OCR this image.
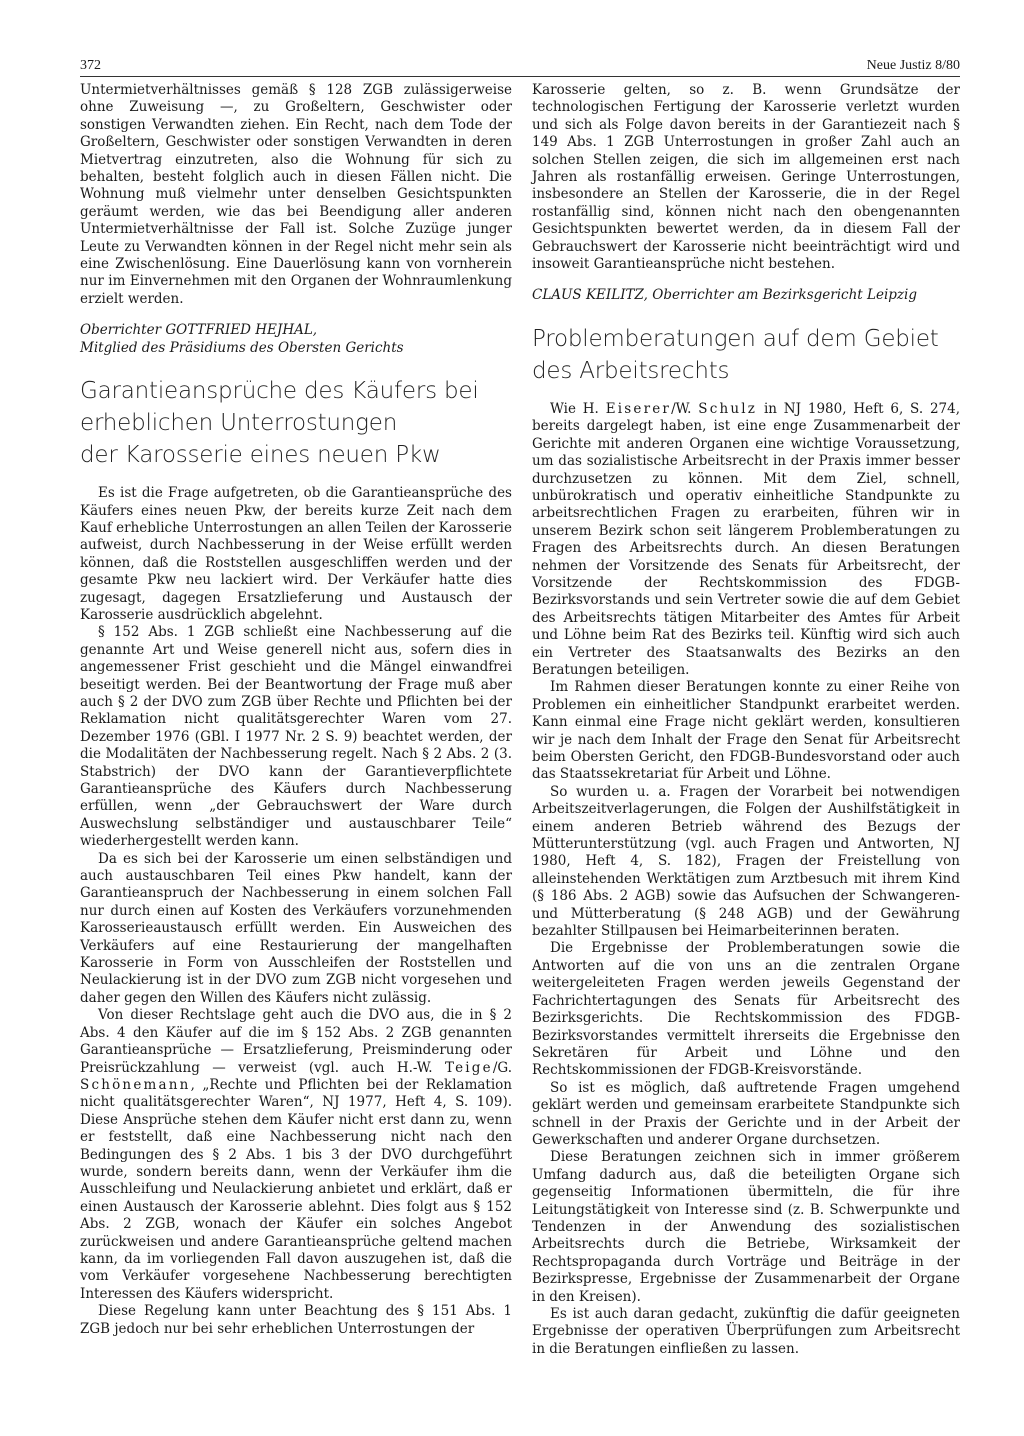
372	Neue Justiz 8/80

Untermietverhältnisses gemäß § 128 ZGB zulässigerweise ohne Zuweisung —, zu Großeltern, Geschwister oder sonstigen Verwandten ziehen. Ein Recht, nach dem Tode der Großeltern, Geschwister oder sonstigen Verwandten in deren Mietvertrag einzutreten, also die Wohnung für sich zu behalten, besteht folglich auch in diesen Fällen nicht. Die Wohnung muß vielmehr unter denselben Gesichtspunkten geräumt werden, wie das bei Beendigung aller anderen Untermietverhältnisse der Fall ist. Solche Zuzüge junger Leute zu Verwandten können in der Regel nicht mehr sein als eine Zwischenlösung. Eine Dauerlösung kann von vornherein nur im Einvernehmen mit den Organen der Wohnraumlenkung erzielt werden.

Oberrichter GOTTFRIED HEJHAL,
Mitglied des Präsidiums des Obersten Gerichts
Garantieansprüche des Käufers bei
erheblichen Unterrostungen
der Karosserie eines neuen Pkw

Es ist die Frage aufgetreten, ob die Garantieansprüche des Käufers eines neuen Pkw, der bereits kurze Zeit nach dem Kauf erhebliche Unterrostungen an allen Teilen der Karosserie aufweist, durch Nachbesserung in der Weise erfüllt werden können, daß die Roststellen ausgeschliffen werden und der gesamte Pkw neu lackiert wird. Der Verkäufer hatte dies zugesagt, dagegen Ersatzlieferung und Austausch der Karosserie ausdrücklich abgelehnt.

§ 152 Abs. 1 ZGB schließt eine Nachbesserung auf die genannte Art und Weise generell nicht aus, sofern dies in angemessener Frist geschieht und die Mängel einwandfrei beseitigt werden. Bei der Beantwortung der Frage muß aber auch § 2 der DVO zum ZGB über Rechte und Pflichten bei der Reklamation nicht qualitätsgerechter Waren vom 27. Dezember 1976 (GBl. I 1977 Nr. 2 S. 9) beachtet werden, der die Modalitäten der Nachbesserung regelt. Nach § 2 Abs. 2 (3. Stabstrich) der DVO kann der Garantieverpflichtete Garantieansprüche des Käufers durch Nachbesserung erfüllen, wenn „der Gebrauchswert der Ware durch Auswechslung selbständiger und austauschbarer Teile“ wiederhergestellt werden kann.

Da es sich bei der Karosserie um einen selbständigen und auch austauschbaren Teil eines Pkw handelt, kann der Garantieanspruch der Nachbesserung in einem solchen Fall nur durch einen auf Kosten des Verkäufers vorzunehmenden Karosserieaustausch erfüllt werden. Ein Ausweichen des Verkäufers auf eine Restaurierung der mangelhaften Karosserie in Form von Ausschleifen der Roststellen und Neulackierung ist in der DVO zum ZGB nicht vorgesehen und daher gegen den Willen des Käufers nicht zulässig.

Von dieser Rechtslage geht auch die DVO aus, die in § 2 Abs. 4 den Käufer auf die im § 152 Abs. 2 ZGB genannten Garantieansprüche — Ersatzlieferung, Preisminderung oder Preisrückzahlung — verweist (vgl. auch H.-W. Teige/G. Schönemann, „Rechte und Pflichten bei der Reklamation nicht qualitätsgerechter Waren“, NJ 1977, Heft 4, S. 109). Diese Ansprüche stehen dem Käufer nicht erst dann zu, wenn er feststellt, daß eine Nachbesserung nicht nach den Bedingungen des § 2 Abs. 1 bis 3 der DVO durchgeführt wurde, sondern bereits dann, wenn der Verkäufer ihm die Ausschleifung und Neulackierung anbietet und erklärt, daß er einen Austausch der Karosserie ablehnt. Dies folgt aus § 152 Abs. 2 ZGB, wonach der Käufer ein solches Angebot zurückweisen und andere Garantieansprüche geltend machen kann, da im vorliegenden Fall davon auszugehen ist, daß die vom Verkäufer vorgesehene Nachbesserung berechtigten Interessen des Käufers widerspricht.

Diese Regelung kann unter Beachtung des § 151 Abs. 1 ZGB jedoch nur bei sehr erheblichen Unterrostungen der

Karosserie gelten, so z. B. wenn Grundsätze der technologischen Fertigung der Karosserie verletzt wurden und sich als Folge davon bereits in der Garantiezeit nach § 149 Abs. 1 ZGB Unterrostungen in großer Zahl auch an solchen Stellen zeigen, die sich im allgemeinen erst nach Jahren als rostanfällig erweisen. Geringe Unterrostungen, insbesondere an Stellen der Karosserie, die in der Regel rostanfällig sind, können nicht nach den obengenannten Gesichtspunkten bewertet werden, da in diesem Fall der Gebrauchswert der Karosserie nicht beeinträchtigt wird und insoweit Garantieansprüche nicht bestehen.

CLAUS KEILITZ, Oberrichter am Bezirksgericht Leipzig
Problemberatungen auf dem Gebiet
des Arbeitsrechts

Wie H. Eiserer/W. Schulz in NJ 1980, Heft 6, S. 274, bereits dargelegt haben, ist eine enge Zusammenarbeit der Gerichte mit anderen Organen eine wichtige Voraussetzung, um das sozialistische Arbeitsrecht in der Praxis immer besser durchzusetzen zu können. Mit dem Ziel, schnell, unbürokratisch und operativ einheitliche Standpunkte zu arbeitsrechtlichen Fragen zu erarbeiten, führen wir in unserem Bezirk schon seit längerem Problemberatungen zu Fragen des Arbeitsrechts durch. An diesen Beratungen nehmen der Vorsitzende des Senats für Arbeitsrecht, der Vorsitzende der Rechtskommission des FDGB-Bezirksvorstands und sein Vertreter sowie die auf dem Gebiet des Arbeitsrechts tätigen Mitarbeiter des Amtes für Arbeit und Löhne beim Rat des Bezirks teil. Künftig wird sich auch ein Vertreter des Staatsanwalts des Bezirks an den Beratungen beteiligen.

Im Rahmen dieser Beratungen konnte zu einer Reihe von Problemen ein einheitlicher Standpunkt erarbeitet werden. Kann einmal eine Frage nicht geklärt werden, konsultieren wir je nach dem Inhalt der Frage den Senat für Arbeitsrecht beim Obersten Gericht, den FDGB-Bundesvorstand oder auch das Staatssekretariat für Arbeit und Löhne.

So wurden u. a. Fragen der Vorarbeit bei notwendigen Arbeitszeitverlagerungen, die Folgen der Aushilfstätigkeit in einem anderen Betrieb während des Bezugs der Mütterunterstützung (vgl. auch Fragen und Antworten, NJ 1980, Heft 4, S. 182), Fragen der Freistellung von alleinstehenden Werktätigen zum Arztbesuch mit ihrem Kind (§ 186 Abs. 2 AGB) sowie das Aufsuchen der Schwangeren- und Mütterberatung (§ 248 AGB) und der Gewährung bezahlter Stillpausen bei Heimarbeiterinnen beraten.

Die Ergebnisse der Problemberatungen sowie die Antworten auf die von uns an die zentralen Organe weitergeleiteten Fragen werden jeweils Gegenstand der Fachrichtertagungen des Senats für Arbeitsrecht des Bezirksgerichts. Die Rechtskommission des FDGB-Bezirksvorstandes vermittelt ihrerseits die Ergebnisse den Sekretären für Arbeit und Löhne und den Rechtskommissionen der FDGB-Kreisvorstände.

So ist es möglich, daß auftretende Fragen umgehend geklärt werden und gemeinsam erarbeitete Standpunkte sich schnell in der Praxis der Gerichte und in der Arbeit der Gewerkschaften und anderer Organe durchsetzen.

Diese Beratungen zeichnen sich in immer größerem Umfang dadurch aus, daß die beteiligten Organe sich gegenseitig Informationen übermitteln, die für ihre Leitungstätigkeit von Interesse sind (z. B. Schwerpunkte und Tendenzen in der Anwendung des sozialistischen Arbeitsrechts durch die Betriebe, Wirksamkeit der Rechtspropaganda durch Vorträge und Beiträge in der Bezirkspresse, Ergebnisse der Zusammenarbeit der Organe in den Kreisen).

Es ist auch daran gedacht, zukünftig die dafür geeigneten Ergebnisse der operativen Überprüfungen zum Arbeitsrecht in die Beratungen einfließen zu lassen.
